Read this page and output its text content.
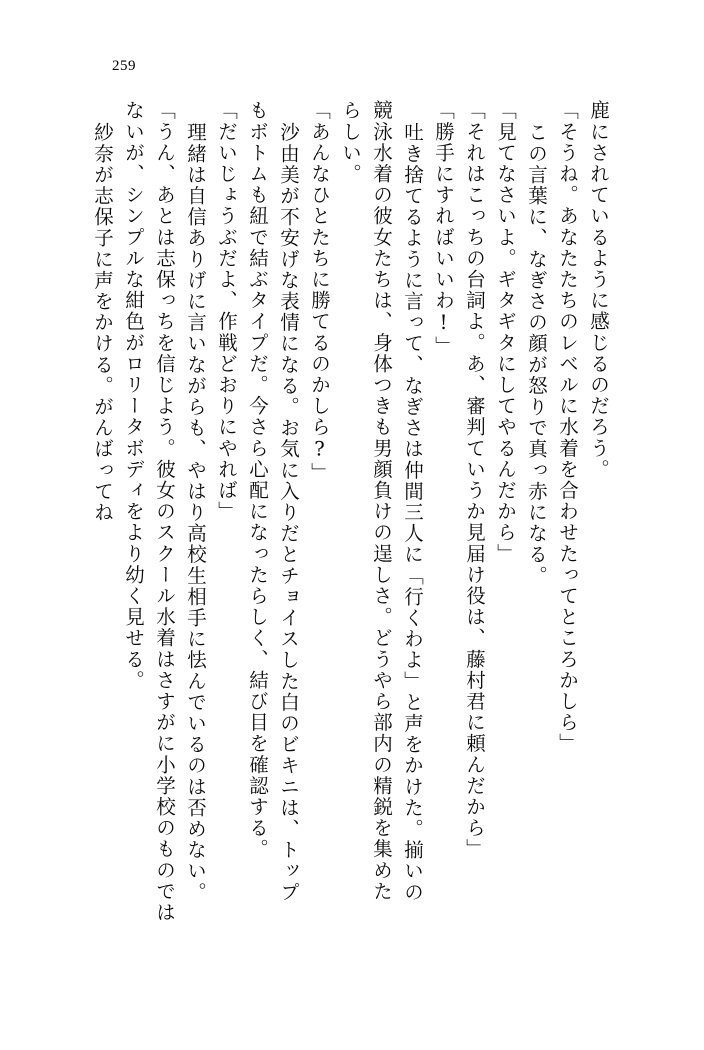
259
鹿にされているように感じるのだろう。
「そうね。あなたたちのレベルに水着を合わせたってところかしら」
この言葉に、なぎさの顔が怒りで真っ赤になる。
「見てなさいよ。ギタギタにしてやるんだから」
「それはこっちの台詞よ。あ、審判ていうか見届け役は、藤村君に頼んだから」
「勝手にすればいいわ!」
吐き捨てるように言って、なぎさは仲間三人に「行くわよ」と声をかけた。揃いの
競泳水着の彼女たちは、身体つきも男顔負けの逞しさ。どうやら部内の精鋭を集めた
らしい。
「あんなひとたちに勝てるのかしら?」
沙由美が不安げな表情になる。お気に入りだとチョイスした白のビキニは、トップ
もボトムも紐で結ぶタイプだ。今さら心配になったらしく、結び目を確認する。
「だいじょうぶだよ、作戦どおりにやれば」
理緒は自信ありげに言いながらも、やはり高校生相手に怯んでいるのは否めない。
「うん、あとは志保っちを信じよう。彼女のスクール水着はさすがに小学校のものでは
ないが、シンプルな紺色がロリータボディをより幼く見せる。
紗奈が志保子に声をかける。がんばってね
